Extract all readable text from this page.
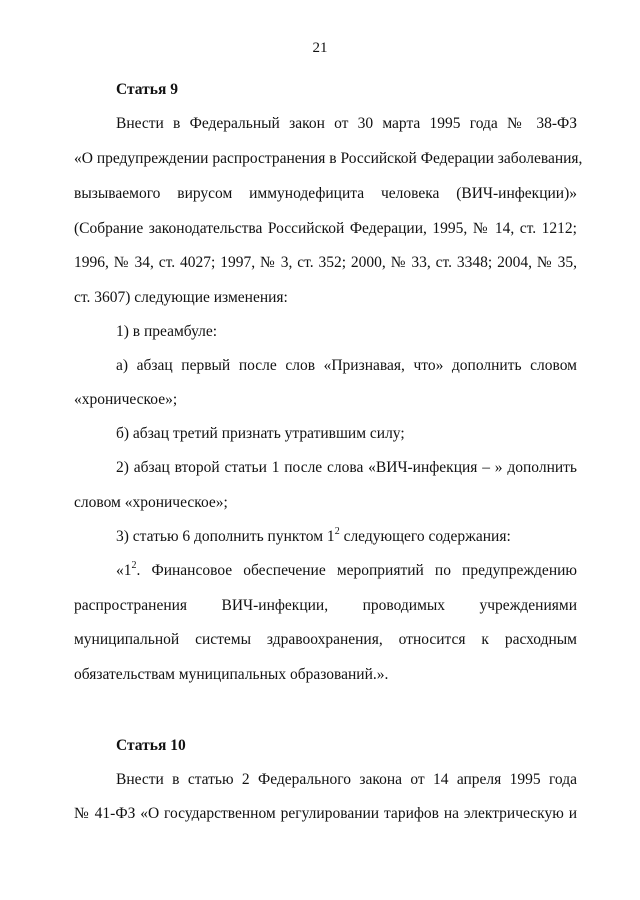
21
Статья 9
Внести в Федеральный закон от 30 марта 1995 года № 38-ФЗ
«О предупреждении распространения в Российской Федерации заболевания,
вызываемого вирусом иммунодефицита человека (ВИЧ-инфекции)»
(Собрание законодательства Российской Федерации, 1995, № 14, ст. 1212;
1996, № 34, ст. 4027; 1997, № 3, ст. 352; 2000, № 33, ст. 3348; 2004, № 35,
ст. 3607) следующие изменения:
1) в преамбуле:
а) абзац первый после слов «Признавая, что» дополнить словом
«хроническое»;
б) абзац третий признать утратившим силу;
2) абзац второй статьи 1 после слова «ВИЧ-инфекция – » дополнить
словом «хроническое»;
3) статью 6 дополнить пунктом $1^2$ следующего содержания:
«$1^2$. Финансовое обеспечение мероприятий по предупреждению
распространения ВИЧ-инфекции, проводимых учреждениями
муниципальной системы здравоохранения, относится к расходным
обязательствам муниципальных образований.».
Статья 10
Внести в статью 2 Федерального закона от 14 апреля 1995 года
№ 41-ФЗ «О государственном регулировании тарифов на электрическую и
